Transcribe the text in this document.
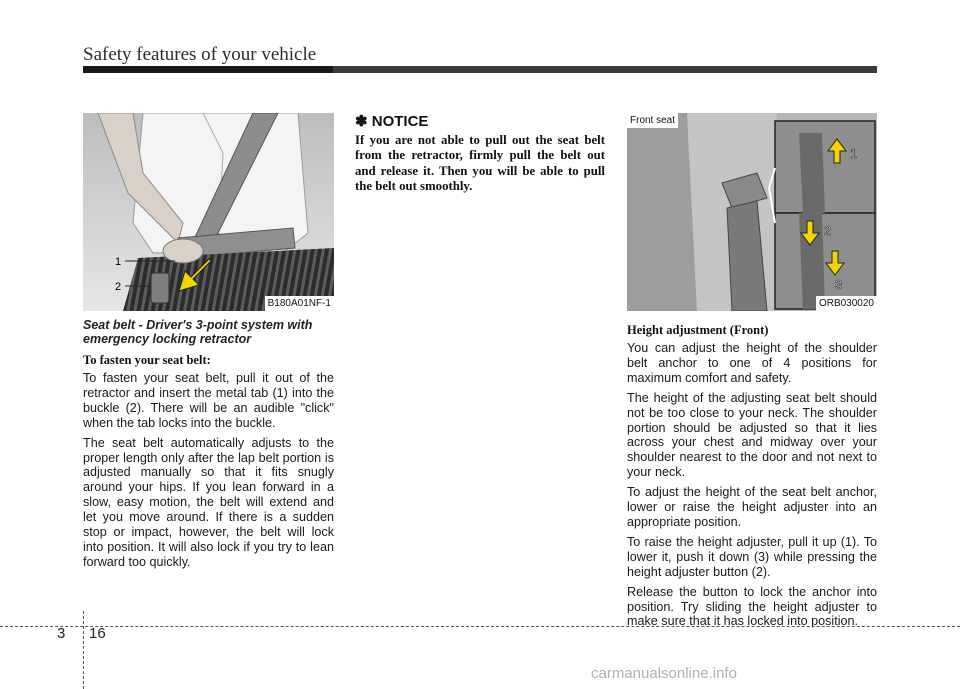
Safety features of your vehicle
1
2
B180A01NF-1
1
2
3
Front seat
ORB030020
Seat belt - Driver's 3-point system with emergency locking retractor
To fasten your seat belt:

To fasten your seat belt, pull it out of the retractor and insert the metal tab (1) into the buckle (2). There will be an audible "click" when the tab locks into the buckle.

The seat belt automatically adjusts to the proper length only after the lap belt portion is adjusted manually so that it fits snugly around your hips. If you lean forward in a slow, easy motion, the belt will extend and let you move around. If there is a sudden stop or impact, however, the belt will lock into position. It will also lock if you try to lean forward too quickly.

✽ NOTICE
If you are not able to pull out the seat belt from the retractor, firmly pull the belt out and release it. Then you will be able to pull the belt out smoothly.
Height adjustment (Front)

You can adjust the height of the shoulder belt anchor to one of 4 positions for maximum comfort and safety.

The height of the adjusting seat belt should not be too close to your neck. The shoulder portion should be adjusted so that it lies across your chest and midway over your shoulder nearest to the door and not next to your neck.

To adjust the height of the seat belt anchor, lower or raise the height adjuster into an appropriate position.

To raise the height adjuster, pull it up (1). To lower it, push it down (3) while pressing the height adjuster button (2).

Release the button to lock the anchor into position. Try sliding the height adjuster to make sure that it has locked into position.

3 16
carmanualsonline.info
